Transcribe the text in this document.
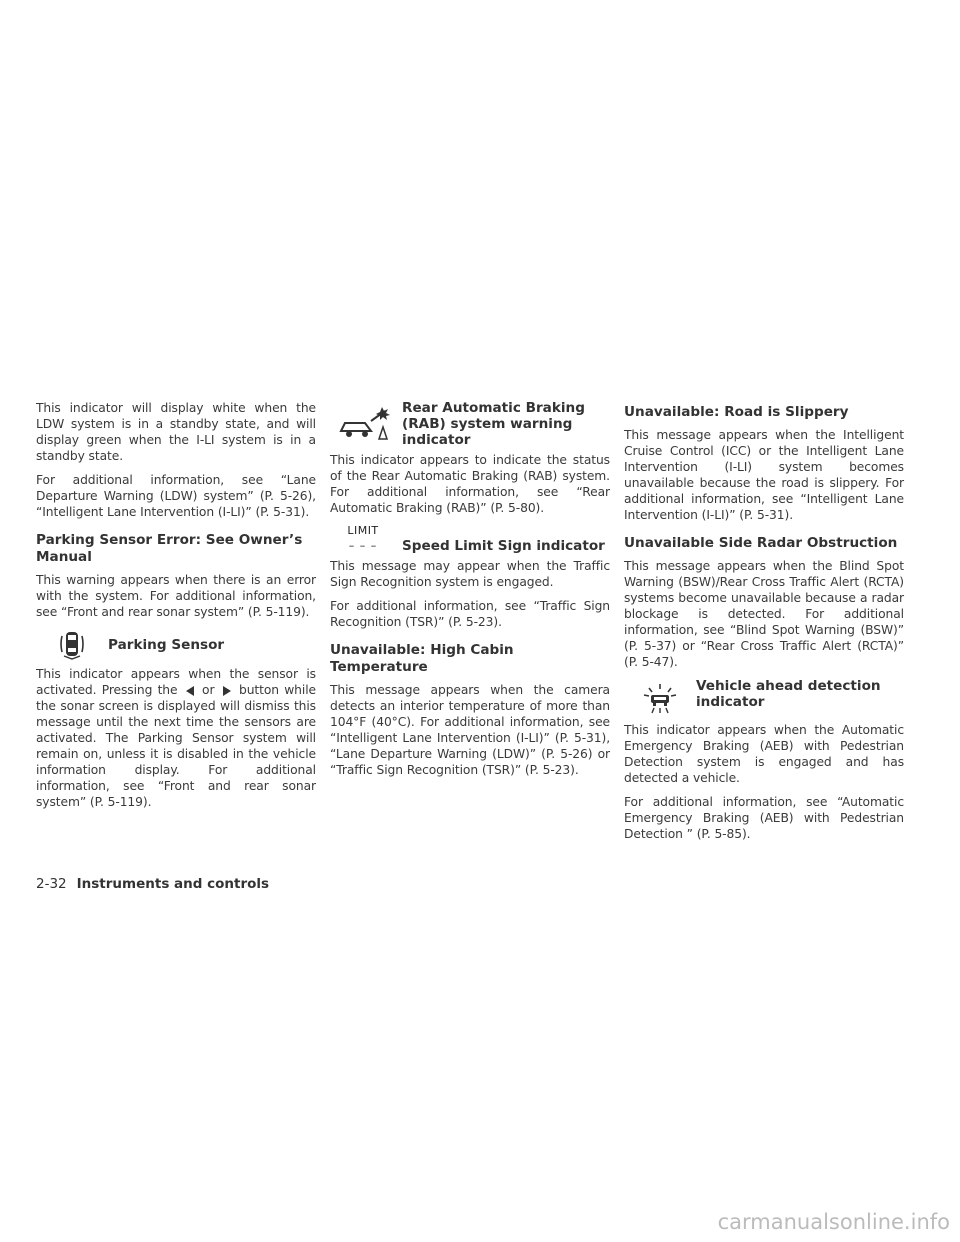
This indicator will display white when the LDW system is in a standby state, and will display green when the I-LI system is in a standby state.

For additional information, see “Lane Departure Warning (LDW) system” (P. 5-26), “Intelligent Lane Intervention (I-LI)” (P. 5-31).

Parking Sensor Error: See Owner’s Manual

This warning appears when there is an error with the system. For additional information, see “Front and rear sonar system” (P. 5-119).

Parking Sensor

This indicator appears when the sensor is activated. Pressing the or button while the sonar screen is displayed will dismiss this message until the next time the sensors are activated. The Parking Sensor system will remain on, unless it is disabled in the vehicle information display. For additional information, see “Front and rear sonar system” (P. 5-119).

Rear Automatic Braking (RAB) system warning indicator

This indicator appears to indicate the status of the Rear Automatic Braking (RAB) system. For additional information, see “Rear Automatic Braking (RAB)” (P. 5-80).

LIMIT
– – – Speed Limit Sign indicator

This message may appear when the Traffic Sign Recognition system is engaged.

For additional information, see “Traffic Sign Recognition (TSR)” (P. 5-23).

Unavailable: High Cabin Temperature

This message appears when the camera detects an interior temperature of more than 104°F (40°C). For additional information, see “Intelligent Lane Intervention (I-LI)” (P. 5-31), “Lane Departure Warning (LDW)” (P. 5-26) or “Traffic Sign Recognition (TSR)” (P. 5-23).

Unavailable: Road is Slippery

This message appears when the Intelligent Cruise Control (ICC) or the Intelligent Lane Intervention (I-LI) system becomes unavailable because the road is slippery. For additional information, see “Intelligent Lane Intervention (I-LI)” (P. 5-31).

Unavailable Side Radar Obstruction

This message appears when the Blind Spot Warning (BSW)/Rear Cross Traffic Alert (RCTA) systems become unavailable because a radar blockage is detected. For additional information, see “Blind Spot Warning (BSW)” (P. 5-37) or “Rear Cross Traffic Alert (RCTA)” (P. 5-47).

Vehicle ahead detection indicator

This indicator appears when the Automatic Emergency Braking (AEB) with Pedestrian Detection system is engaged and has detected a vehicle.

For additional information, see “Automatic Emergency Braking (AEB) with Pedestrian Detection ” (P. 5-85).

2-32 Instruments and controls
carmanualsonline.info
